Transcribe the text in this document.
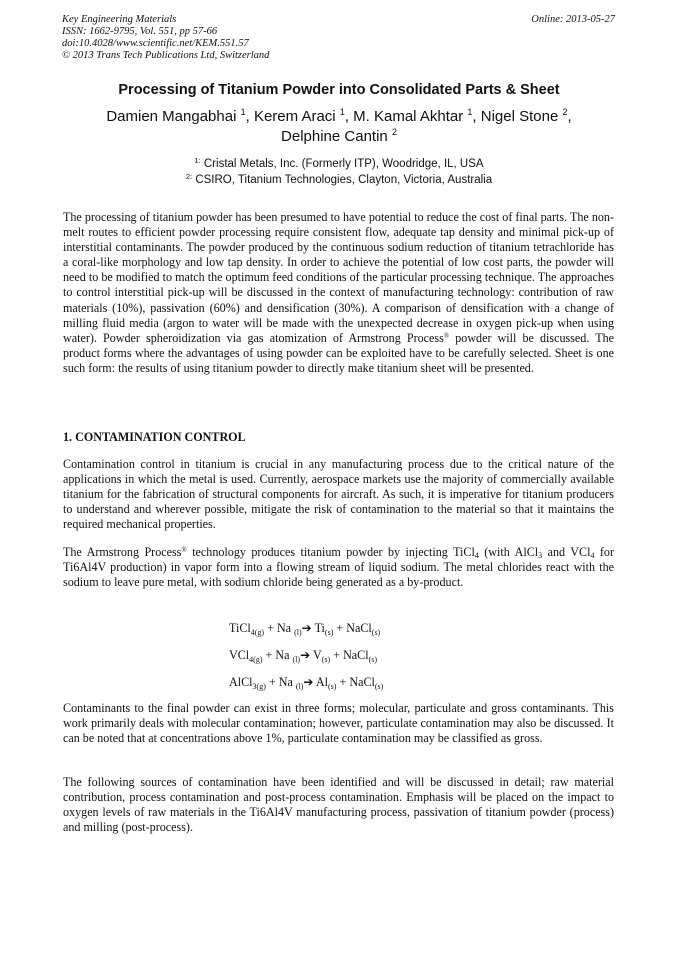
Key Engineering Materials
ISSN: 1662-9795, Vol. 551, pp 57-66
doi:10.4028/www.scientific.net/KEM.551.57
© 2013 Trans Tech Publications Ltd, Switzerland
Online: 2013-05-27
Processing of Titanium Powder into Consolidated Parts & Sheet
Damien Mangabhai $^1$, Kerem Araci $^1$, M. Kamal Akhtar $^1$, Nigel Stone $^2$,
Delphine Cantin $^2$
$^{1:}$ Cristal Metals, Inc. (Formerly ITP), Woodridge, IL, USA
$^{2:}$ CSIRO, Titanium Technologies, Clayton, Victoria, Australia
The processing of titanium powder has been presumed to have potential to reduce the cost of final parts. The non-melt routes to efficient powder processing require consistent flow, adequate tap density and minimal pick-up of interstitial contaminants. The powder produced by the continuous sodium reduction of titanium tetrachloride has a coral-like morphology and low tap density. In order to achieve the potential of low cost parts, the powder will need to be modified to match the optimum feed conditions of the particular processing technique. The approaches to control interstitial pick-up will be discussed in the context of manufacturing technology: contribution of raw materials (10%), passivation (60%) and densification (30%). A comparison of densification with a change of milling fluid media (argon to water will be made with the unexpected decrease in oxygen pick-up when using water). Powder spheroidization via gas atomization of Armstrong Process® powder will be discussed. The product forms where the advantages of using powder can be exploited have to be carefully selected. Sheet is one such form: the results of using titanium powder to directly make titanium sheet will be presented.
1. CONTAMINATION CONTROL
Contamination control in titanium is crucial in any manufacturing process due to the critical nature of the applications in which the metal is used. Currently, aerospace markets use the majority of commercially available titanium for the fabrication of structural components for aircraft. As such, it is imperative for titanium producers to understand and wherever possible, mitigate the risk of contamination to the material so that it maintains the required mechanical properties.
The Armstrong Process® technology produces titanium powder by injecting TiCl$_4$ (with AlCl$_3$ and VCl$_4$ for Ti6Al4V production) in vapor form into a flowing stream of liquid sodium. The metal chlorides react with the sodium to leave pure metal, with sodium chloride being generated as a by-product.
TiCl$_{4(g)}$ + Na $_{(l)}$➔ $Ti_{(s)}$ + NaCl$_{(s)}$
VCl$_{4(g)}$ + Na $_{(l)}$➔ $V_{(s)}$ + NaCl$_{(s)}$
AlCl$_{3(g)}$ + Na $_{(l)}$➔ $Al_{(s)}$ + NaCl$_{(s)}$
Contaminants to the final powder can exist in three forms; molecular, particulate and gross contaminants. This work primarily deals with molecular contamination; however, particulate contamination may also be discussed. It can be noted that at concentrations above 1%, particulate contamination may be classified as gross.
The following sources of contamination have been identified and will be discussed in detail; raw material contribution, process contamination and post-process contamination. Emphasis will be placed on the impact to oxygen levels of raw materials in the Ti6Al4V manufacturing process, passivation of titanium powder (process) and milling (post-process).
